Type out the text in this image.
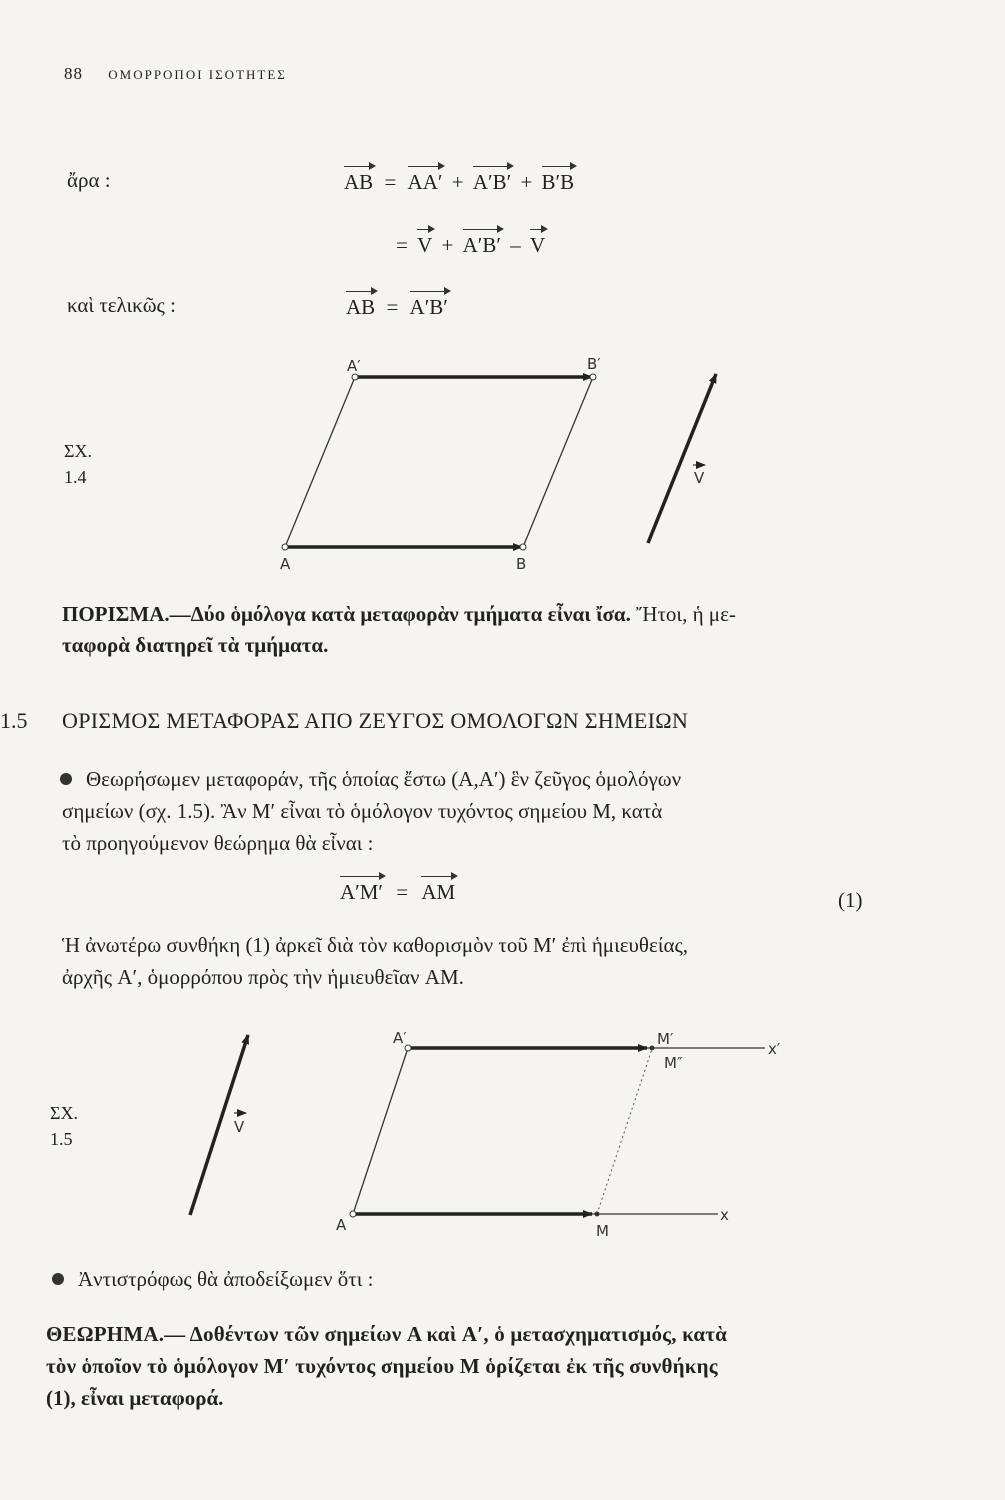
88 ΟΜΟΡΡΟΠΟΙ ΙΣΟΤΗΤΕΣ
ἄρα :	AB = AA′ + A′B′ + B′B
= V + A′B′ – V
καὶ τελικῶς :	AB = A′B′
ΣΧ.
1.4
A′	B′
A	B
V
ΠΟΡΙΣΜΑ.—Δύο ὁμόλογα κατὰ μεταφορὰν τμήματα εἶναι ἴσα. Ἤτοι, ἡ με-
ταφορὰ διατηρεῖ τὰ τμήματα.
1.5 ΟΡΙΣΜΟΣ ΜΕΤΑΦΟΡΑΣ ΑΠΟ ΖΕΥΓΟΣ ΟΜΟΛΟΓΩΝ ΣΗΜΕΙΩΝ
Θεωρήσωμεν μεταφοράν, τῆς ὁποίας ἔστω (A,A′) ἓν ζεῦγος ὁμολόγων
σημείων (σχ. 1.5). Ἂν M′ εἶναι τὸ ὁμόλογον τυχόντος σημείου M, κατὰ
τὸ προηγούμενον θεώρημα θὰ εἶναι :
A′M′ = AM	(1)
Ἡ ἀνωτέρω συνθήκη (1) ἀρκεῖ διὰ τὸν καθορισμὸν τοῦ M′ ἐπὶ ἡμιευθείας,
ἀρχῆς A′, ὁμορρόπου πρὸς τὴν ἡμιευθεῖαν AM.
ΣΧ.
1.5
A′	M′
M″
x′
A	M
x
V
Ἀντιστρόφως θὰ ἀποδείξωμεν ὅτι :
ΘΕΩΡΗΜΑ.— Δοθέντων τῶν σημείων A καὶ A′, ὁ μετασχηματισμός, κατὰ
τὸν ὁποῖον τὸ ὁμόλογον M′ τυχόντος σημείου M ὁρίζεται ἐκ τῆς συνθήκης
(1), εἶναι μεταφορά.
